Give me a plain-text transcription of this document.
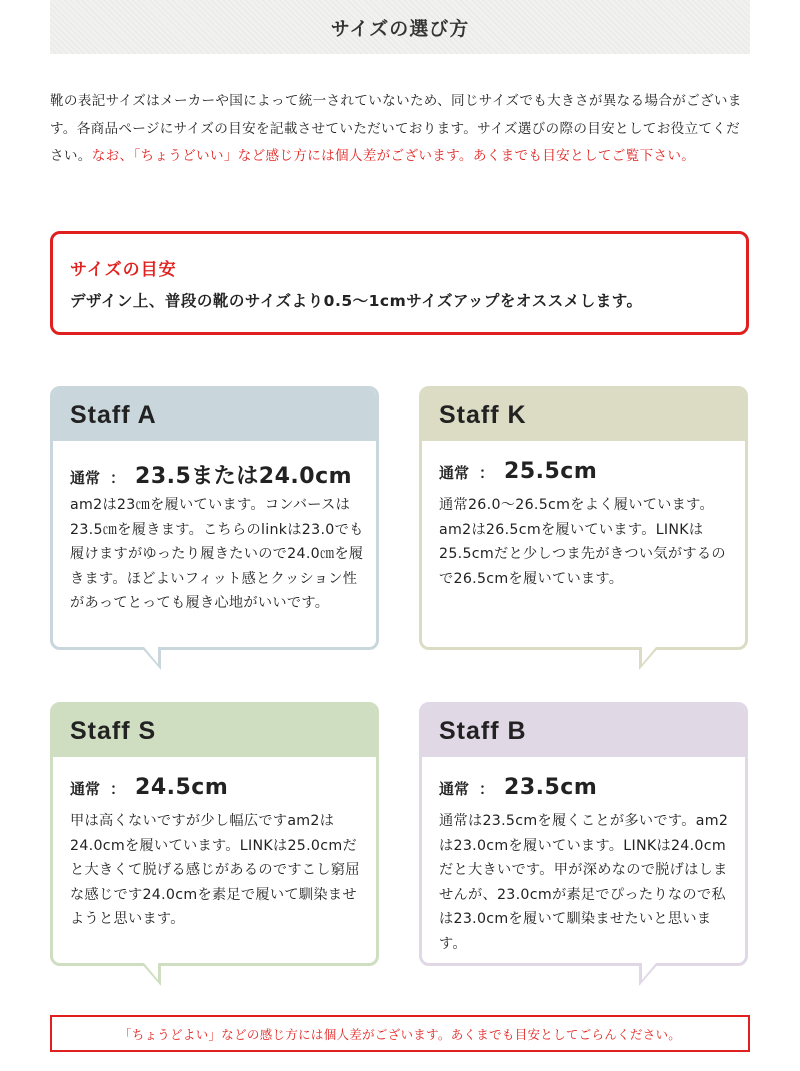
サイズの選び方
靴の表記サイズはメーカーや国によって統一されていないため、同じサイズでも大きさが異なる場合がございます。各商品ページにサイズの目安を記載させていただいております。サイズ選びの際の目安としてお役立てください。なお、「ちょうどいい」など感じ方には個人差がございます。あくまでも目安としてご覧下さい。
サイズの目安
デザイン上、普段の靴のサイズより0.5～1cmサイズアップをオススメします。
Staff A
通常 ： 23.5または24.0cm
am2は23㎝を履いています。コンバースは23.5㎝を履きます。こちらのlinkは23.0でも履けますがゆったり履きたいので24.0㎝を履きます。ほどよいフィット感とクッション性があってとっても履き心地がいいです。
Staff K
通常 ： 25.5cm
通常26.0～26.5cmをよく履いています。am2は26.5cmを履いています。LINKは25.5cmだと少しつま先がきつい気がするので26.5cmを履いています。
Staff S
通常 ： 24.5cm
甲は高くないですが少し幅広ですam2は24.0cmを履いています。LINKは25.0cmだと大きくて脱げる感じがあるのですこし窮屈な感じです24.0cmを素足で履いて馴染ませようと思います。
Staff B
通常 ： 23.5cm
通常は23.5cmを履くことが多いです。am2は23.0cmを履いています。LINKは24.0cmだと大きいです。甲が深めなので脱げはしませんが、23.0cmが素足でぴったりなので私は23.0cmを履いて馴染ませたいと思います。
「ちょうどよい」などの感じ方には個人差がございます。あくまでも目安としてごらんください。
